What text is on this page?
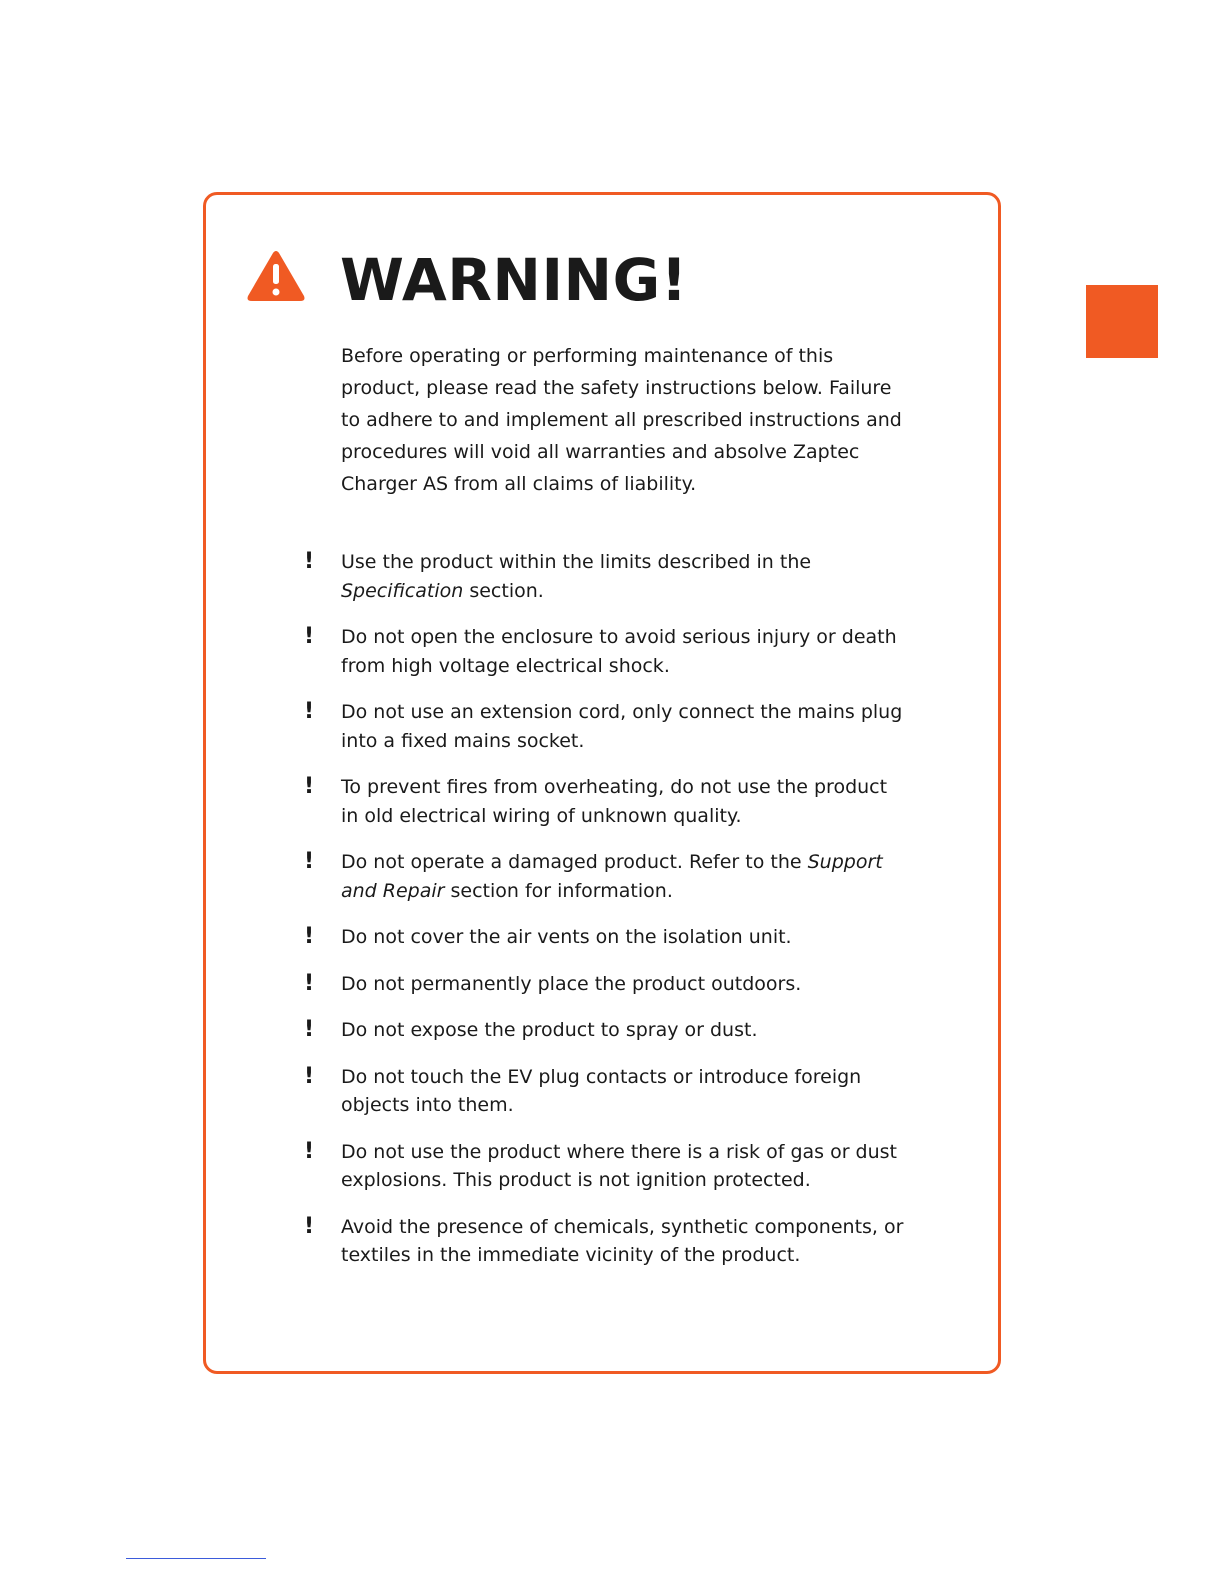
WARNING!

Before operating or performing maintenance of this product, please read the safety instructions below. Failure to adhere to and implement all prescribed instructions and procedures will void all warranties and absolve Zaptec Charger AS from all claims of liability.

! Use the product within the limits described in the Specification section.
! Do not open the enclosure to avoid serious injury or death from high voltage electrical shock.
! Do not use an extension cord, only connect the mains plug into a fixed mains socket.
! To prevent fires from overheating, do not use the product in old electrical wiring of unknown quality.
! Do not operate a damaged product. Refer to the Support and Repair section for information.
! Do not cover the air vents on the isolation unit.
! Do not permanently place the product outdoors.
! Do not expose the product to spray or dust.
! Do not touch the EV plug contacts or introduce foreign objects into them.
! Do not use the product where there is a risk of gas or dust explosions. This product is not ignition protected.
! Avoid the presence of chemicals, synthetic components, or textiles in the immediate vicinity of the product.
